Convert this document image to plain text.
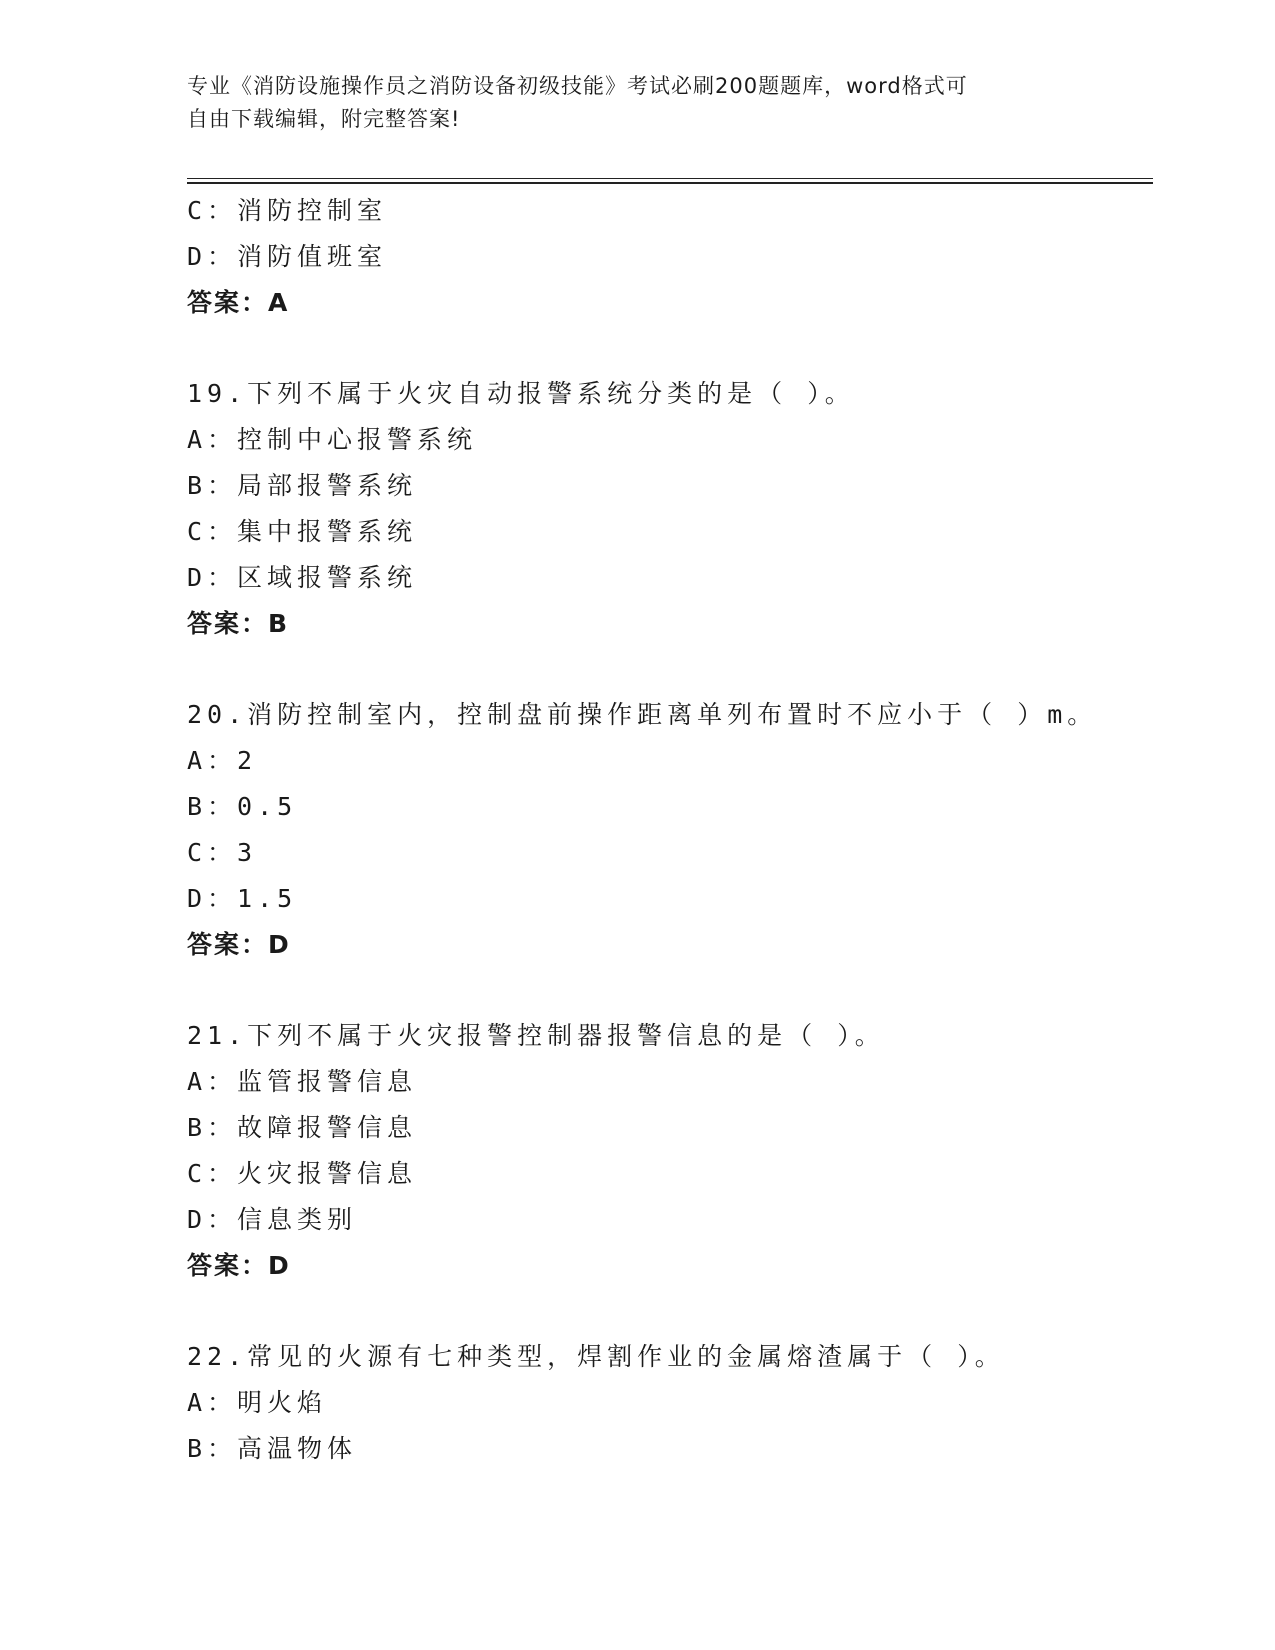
专业《消防设施操作员之消防设备初级技能》考试必刷200题题库，word格式可
自由下载编辑，附完整答案!
C：消防控制室
D：消防值班室
答案：A
19.下列不属于火灾自动报警系统分类的是（ ）。
A：控制中心报警系统
B：局部报警系统
C：集中报警系统
D：区域报警系统
答案：B
20.消防控制室内，控制盘前操作距离单列布置时不应小于（ ）m。
A：2
B：0.5
C：3
D：1.5
答案：D
21.下列不属于火灾报警控制器报警信息的是（ ）。
A：监管报警信息
B：故障报警信息
C：火灾报警信息
D：信息类别
答案：D
22.常见的火源有七种类型，焊割作业的金属熔渣属于（ ）。
A：明火焰
B：高温物体
